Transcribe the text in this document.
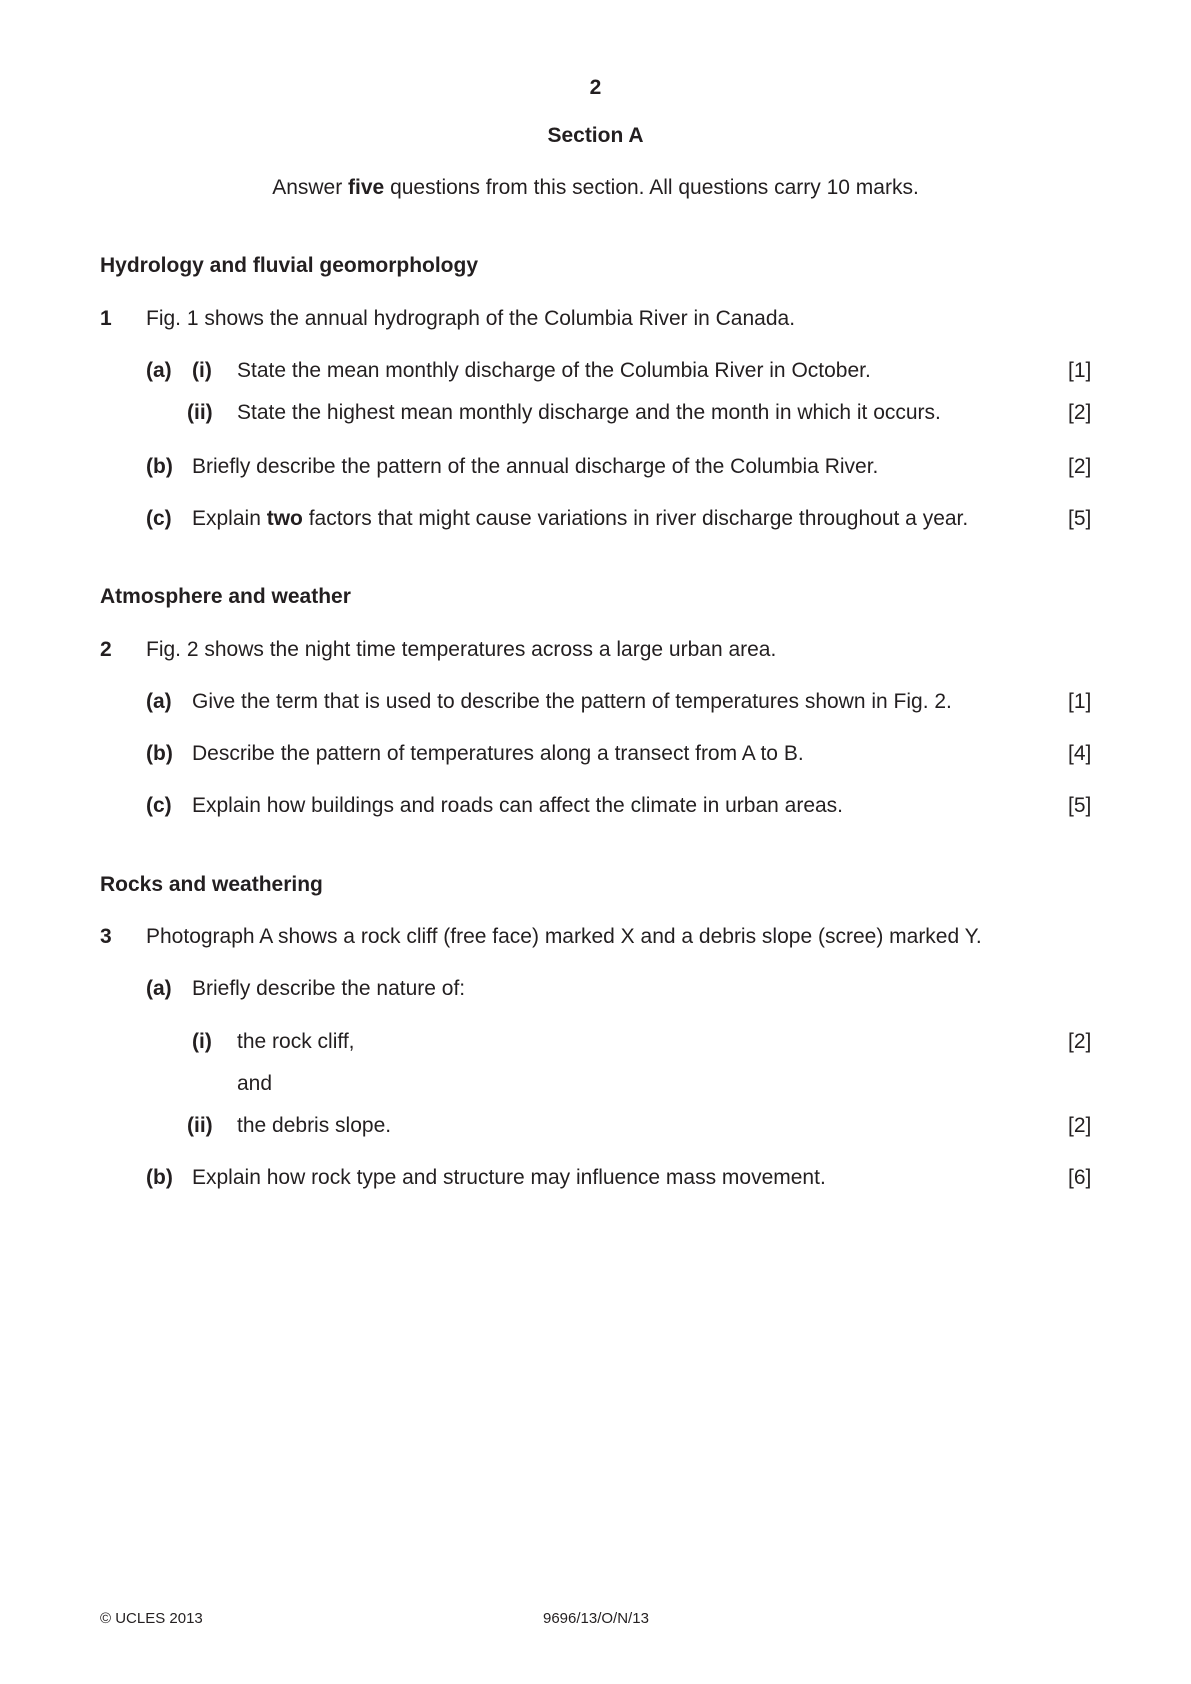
2
Section A
Answer five questions from this section. All questions carry 10 marks.
Hydrology and fluvial geomorphology
1 Fig. 1 shows the annual hydrograph of the Columbia River in Canada.
(a) (i) State the mean monthly discharge of the Columbia River in October.	[1]
(ii) State the highest mean monthly discharge and the month in which it occurs.	[2]
(b) Briefly describe the pattern of the annual discharge of the Columbia River.	[2]
(c) Explain two factors that might cause variations in river discharge throughout a year.	[5]
Atmosphere and weather
2 Fig. 2 shows the night time temperatures across a large urban area.
(a) Give the term that is used to describe the pattern of temperatures shown in Fig. 2.	[1]
(b) Describe the pattern of temperatures along a transect from A to B.	[4]
(c) Explain how buildings and roads can affect the climate in urban areas.	[5]
Rocks and weathering
3 Photograph A shows a rock cliff (free face) marked X and a debris slope (scree) marked Y.
(a) Briefly describe the nature of:
(i) the rock cliff,	[2]
and
(ii) the debris slope.	[2]
(b) Explain how rock type and structure may influence mass movement.	[6]
© UCLES 2013	9696/13/O/N/13
